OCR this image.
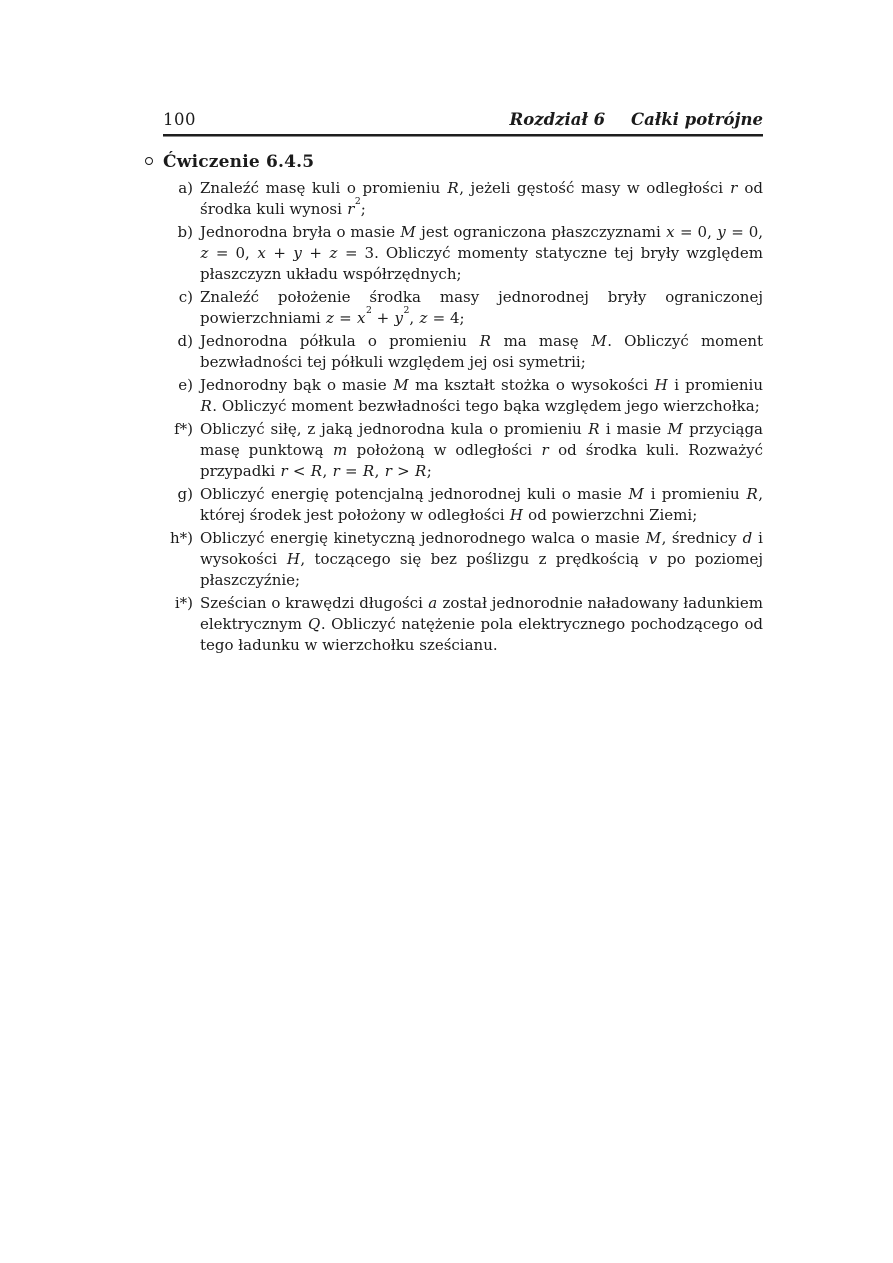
100	Rozdział 6 Całki potrójne
Ćwiczenie 6.4.5
a) Znaleźć masę kuli o promieniu R, jeżeli gęstość masy w odległości r od środka kuli wynosi $r^2$;
b) Jednorodna bryła o masie M jest ograniczona płaszczyznami x = 0, y = 0, z = 0, x + y + z = 3. Obliczyć momenty statyczne tej bryły względem płaszczyzn układu współrzędnych;
c) Znaleźć położenie środka masy jednorodnej bryły ograniczonej powierzchniami $z = x^2 + y^2$, z = 4;
d) Jednorodna półkula o promieniu R ma masę M. Obliczyć moment bezwładności tej półkuli względem jej osi symetrii;
e) Jednorodny bąk o masie M ma kształt stożka o wysokości H i promieniu R. Obliczyć moment bezwładności tego bąka względem jego wierzchołka;
f*) Obliczyć siłę, z jaką jednorodna kula o promieniu R i masie M przyciąga masę punktową m położoną w odległości r od środka kuli. Rozważyć przypadki r < R, r = R, r > R;
g) Obliczyć energię potencjalną jednorodnej kuli o masie M i promieniu R, której środek jest położony w odległości H od powierzchni Ziemi;
h*) Obliczyć energię kinetyczną jednorodnego walca o masie M, średnicy d i wysokości H, toczącego się bez poślizgu z prędkością v po poziomej płaszczyźnie;
i*) Sześcian o krawędzi długości a został jednorodnie naładowany ładunkiem elektrycznym Q. Obliczyć natężenie pola elektrycznego pochodzącego od tego ładunku w wierzchołku sześcianu.
